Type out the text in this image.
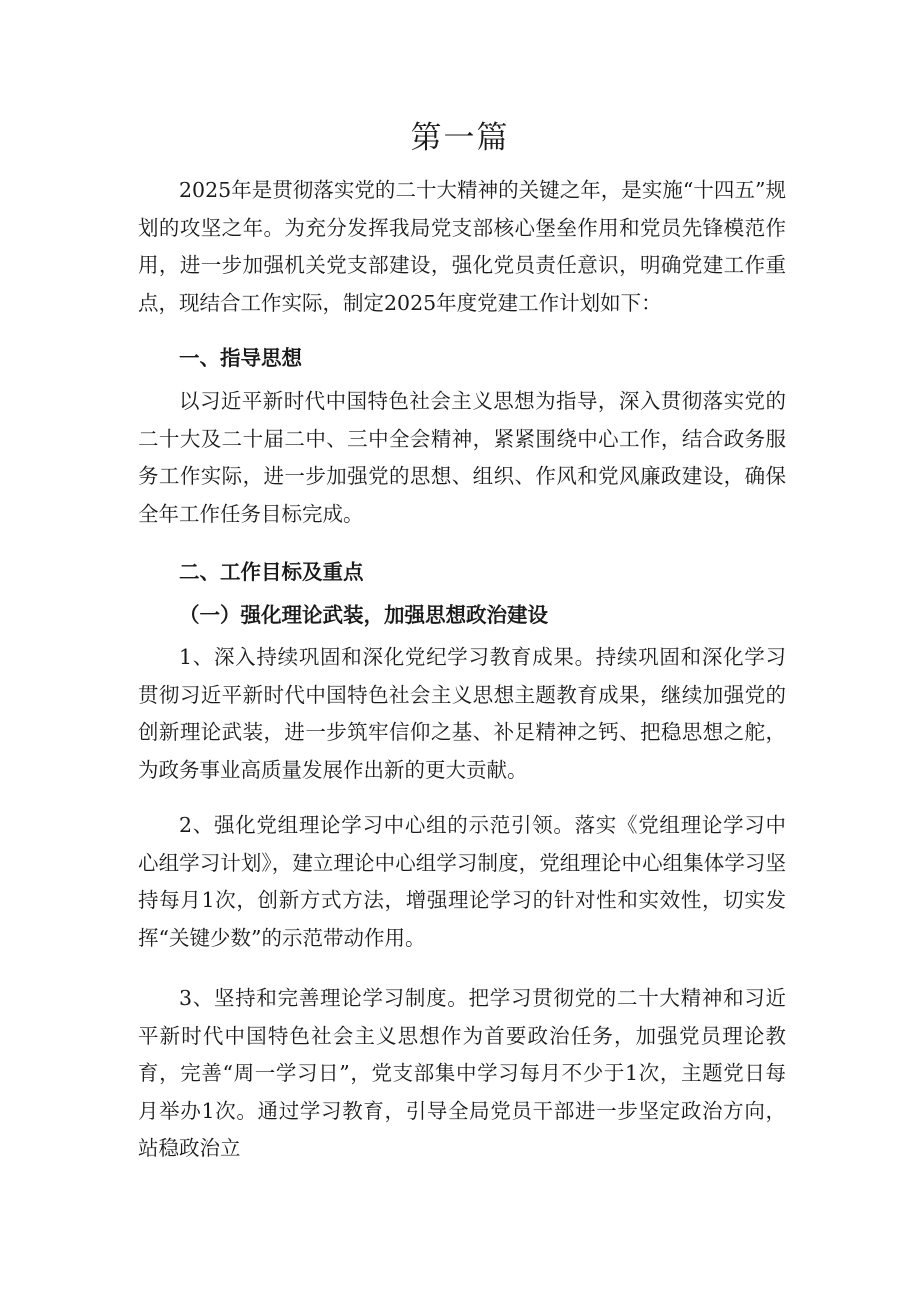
第一篇

2025年是贯彻落实党的二十大精神的关键之年，是实施“十四五”规划的攻坚之年。为充分发挥我局党支部核心堡垒作用和党员先锋模范作用，进一步加强机关党支部建设，强化党员责任意识，明确党建工作重点，现结合工作实际，制定2025年度党建工作计划如下：

一、指导思想

以习近平新时代中国特色社会主义思想为指导，深入贯彻落实党的二十大及二十届二中、三中全会精神，紧紧围绕中心工作，结合政务服务工作实际，进一步加强党的思想、组织、作风和党风廉政建设，确保全年工作任务目标完成。

二、工作目标及重点

（一）强化理论武装，加强思想政治建设

1、深入持续巩固和深化党纪学习教育成果。持续巩固和深化学习贯彻习近平新时代中国特色社会主义思想主题教育成果，继续加强党的创新理论武装，进一步筑牢信仰之基、补足精神之钙、把稳思想之舵，为政务事业高质量发展作出新的更大贡献。

2、强化党组理论学习中心组的示范引领。落实《党组理论学习中心组学习计划》，建立理论中心组学习制度，党组理论中心组集体学习坚持每月1次，创新方式方法，增强理论学习的针对性和实效性，切实发挥“关键少数”的示范带动作用。

3、坚持和完善理论学习制度。把学习贯彻党的二十大精神和习近平新时代中国特色社会主义思想作为首要政治任务，加强党员理论教育，完善“周一学习日”，党支部集中学习每月不少于1次，主题党日每月举办1次。通过学习教育，引导全局党员干部进一步坚定政治方向，站稳政治立
